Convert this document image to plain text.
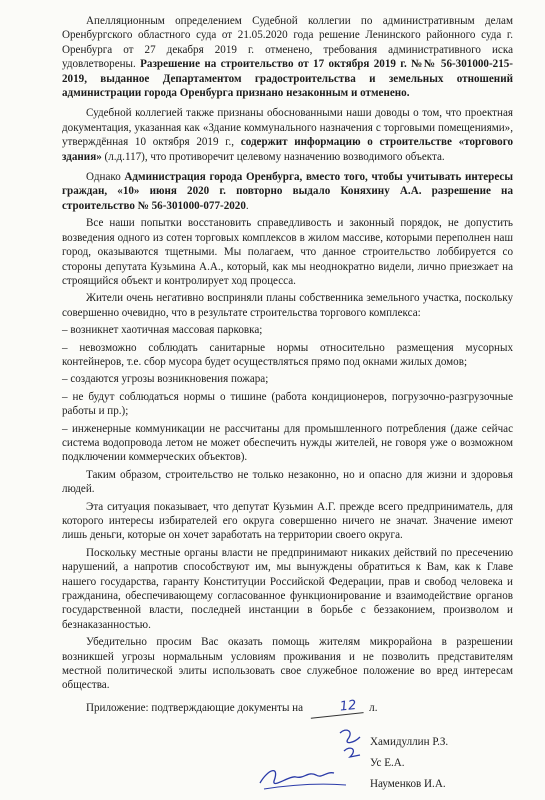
Апелляционным определением Судебной коллегии по административным делам Оренбургского областного суда от 21.05.2020 года решение Ленинского районного суда г. Оренбурга от 27 декабря 2019 г. отменено, требования административного иска удовлетворены. Разрешение на строительство от 17 октября 2019 г. №№ 56-301000-215-2019, выданное Департаментом градостроительства и земельных отношений администрации города Оренбурга признано незаконным и отменено.

Судебной коллегией также признаны обоснованными наши доводы о том, что проектная документация, указанная как «Здание коммунального назначения с торговыми помещениями», утверждённая 10 октября 2019 г., содержит информацию о строительстве «торгового здания» (л.д.117), что противоречит целевому назначению возводимого объекта.

Однако Администрация города Оренбурга, вместо того, чтобы учитывать интересы граждан, «10» июня 2020 г. повторно выдало Коняхину А.А. разрешение на строительство № 56-301000-077-2020.

Все наши попытки восстановить справедливость и законный порядок, не допустить возведения одного из сотен торговых комплексов в жилом массиве, которыми переполнен наш город, оказываются тщетными. Мы полагаем, что данное строительство лоббируется со стороны депутата Кузьмина А.А., который, как мы неоднократно видели, лично приезжает на строящийся объект и контролирует ход процесса.

Жители очень негативно восприняли планы собственника земельного участка, поскольку совершенно очевидно, что в результате строительства торгового комплекса:

– возникнет хаотичная массовая парковка;

– невозможно соблюдать санитарные нормы относительно размещения мусорных контейнеров, т.е. сбор мусора будет осуществляться прямо под окнами жилых домов;

– создаются угрозы возникновения пожара;

– не будут соблюдаться нормы о тишине (работа кондиционеров, погрузочно-разгрузочные работы и пр.);

– инженерные коммуникации не рассчитаны для промышленного потребления (даже сейчас система водопровода летом не может обеспечить нужды жителей, не говоря уже о возможном подключении коммерческих объектов).

Таким образом, строительство не только незаконно, но и опасно для жизни и здоровья людей.

Эта ситуация показывает, что депутат Кузьмин А.Г. прежде всего предприниматель, для которого интересы избирателей его округа совершенно ничего не значат. Значение имеют лишь деньги, которые он хочет заработать на территории своего округа.

Поскольку местные органы власти не предпринимают никаких действий по пресечению нарушений, а напротив способствуют им, мы вынуждены обратиться к Вам, как к Главе нашего государства, гаранту Конституции Российской Федерации, прав и свобод человека и гражданина, обеспечивающему согласованное функционирование и взаимодействие органов государственной власти, последней инстанции в борьбе с беззаконием, произволом и безнаказанностью.

Убедительно просим Вас оказать помощь жителям микрорайона в разрешении возникшей угрозы нормальным условиям проживания и не позволить представителям местной политической элиты использовать свое служебное положение во вред интересам общества.

Приложение: подтверждающие документы на	12 л.

Хамидуллин Р.З.
Ус Е.А.
Науменков И.А.
